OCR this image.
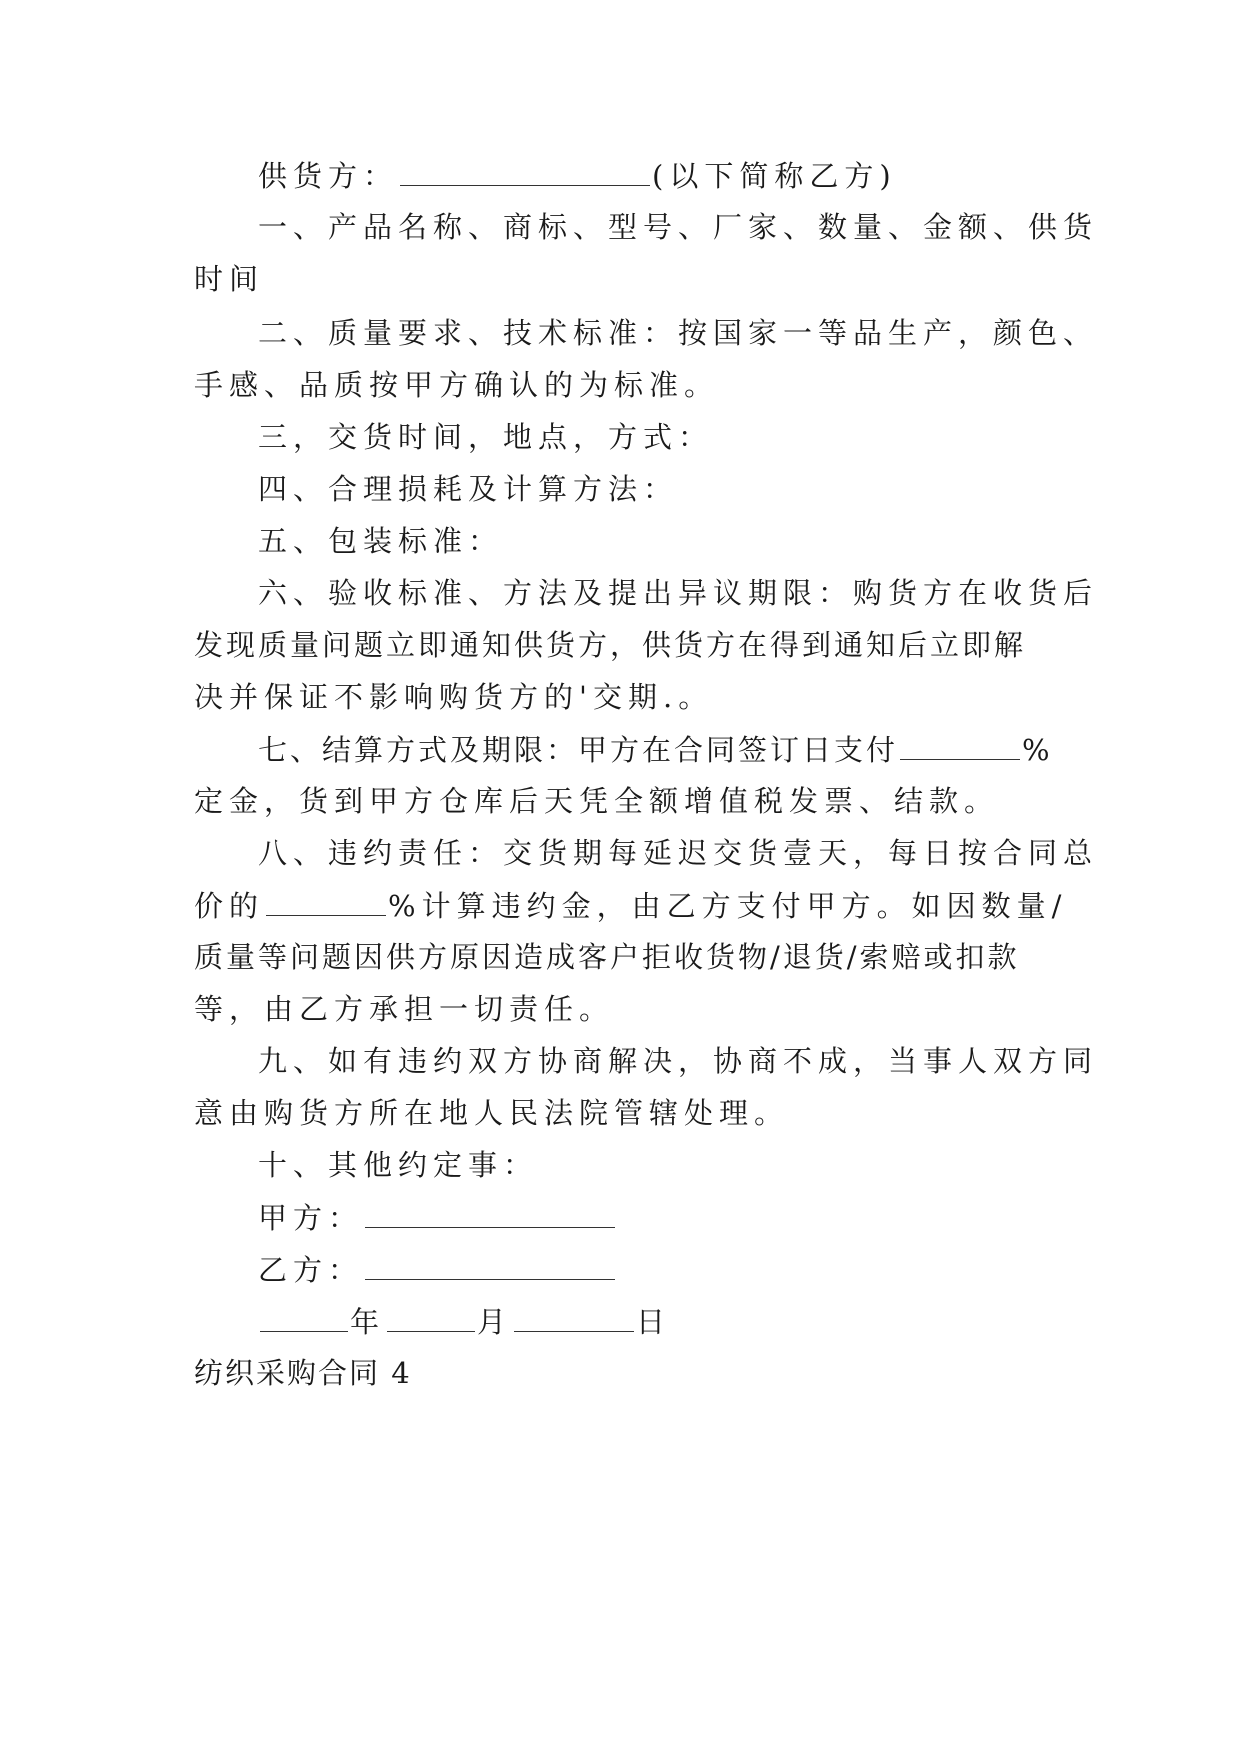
供货方：	(以下简称乙方)
一、产品名称、商标、型号、厂家、数量、金额、供货
时间
二、质量要求、技术标准：按国家一等品生产，颜色、
手感、品质按甲方确认的为标准。
三，交货时间，地点，方式：
四、合理损耗及计算方法：
五、包装标准：
六、验收标准、方法及提出异议期限：购货方在收货后
发现质量问题立即通知供货方，供货方在得到通知后立即解
决并保证不影响购货方的'交期.。
七、结算方式及期限：甲方在合同签订日支付	%
定金，货到甲方仓库后天凭全额增值税发票、结款。
八、违约责任：交货期每延迟交货壹天，每日按合同总
价的	%计算违约金，由乙方支付甲方。如因数量/
质量等问题因供方原因造成客户拒收货物/退货/索赔或扣款
等，由乙方承担一切责任。
九、如有违约双方协商解决，协商不成，当事人双方同
意由购货方所在地人民法院管辖处理。
十、其他约定事：
甲方：
乙方：
年	月	日
纺织采购合同 4
